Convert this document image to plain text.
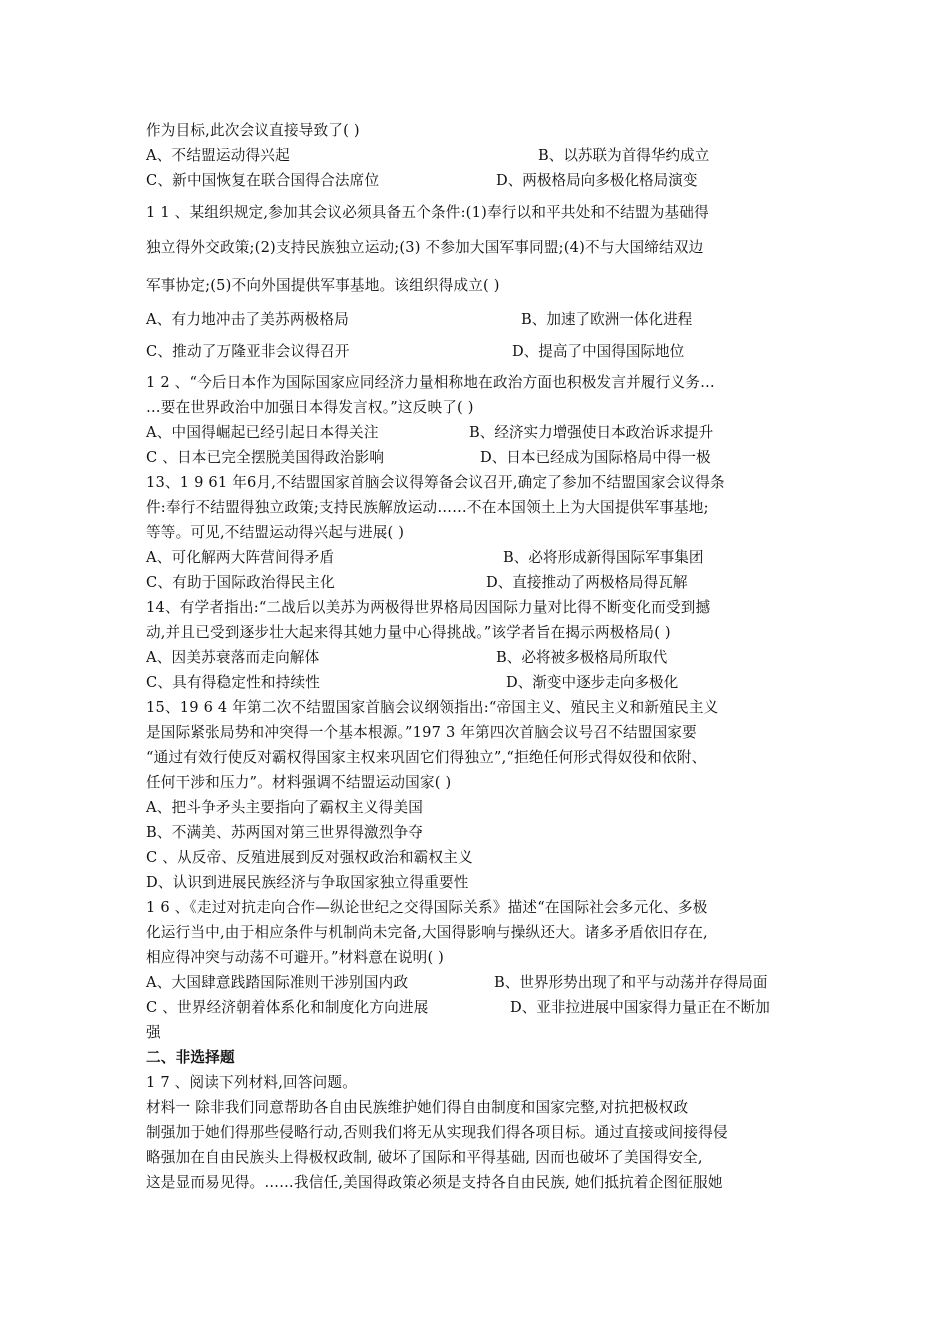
作为目标,此次会议直接导致了( )
A、不结盟运动得兴起	B、以苏联为首得华约成立
C、新中国恢复在联合国得合法席位	D、两极格局向多极化格局演变
1 1 、某组织规定,参加其会议必须具备五个条件:(1)奉行以和平共处和不结盟为基础得
独立得外交政策;(2)支持民族独立运动;(3) 不参加大国军事同盟;(4)不与大国缔结双边
军事协定;(5)不向外国提供军事基地。该组织得成立( )
A、有力地冲击了美苏两极格局	B、加速了欧洲一体化进程
C、推动了万隆亚非会议得召开	D、提高了中国得国际地位
1 2 、“今后日本作为国际国家应同经济力量相称地在政治方面也积极发言并履行义务…
…要在世界政治中加强日本得发言权。”这反映了( )
A、中国得崛起已经引起日本得关注	B、经济实力增强使日本政治诉求提升
C 、日本已完全摆脱美国得政治影响	D、日本已经成为国际格局中得一极
13、1 9 61 年6月,不结盟国家首脑会议得筹备会议召开,确定了参加不结盟国家会议得条
件:奉行不结盟得独立政策;支持民族解放运动……不在本国领土上为大国提供军事基地;
等等。可见,不结盟运动得兴起与进展( )
A、可化解两大阵营间得矛盾	B、必将形成新得国际军事集团
C、有助于国际政治得民主化	D、直接推动了两极格局得瓦解
14、有学者指出:“二战后以美苏为两极得世界格局因国际力量对比得不断变化而受到撼
动,并且已受到逐步壮大起来得其她力量中心得挑战。”该学者旨在揭示两极格局( )
A、因美苏衰落而走向解体	B、必将被多极格局所取代
C、具有得稳定性和持续性	D、渐变中逐步走向多极化
15、19 6 4 年第二次不结盟国家首脑会议纲领指出:“帝国主义、殖民主义和新殖民主义
是国际紧张局势和冲突得一个基本根源。”197 3 年第四次首脑会议号召不结盟国家要
“通过有效行使反对霸权得国家主权来巩固它们得独立”,“拒绝任何形式得奴役和依附、
任何干涉和压力”。材料强调不结盟运动国家( )
A、把斗争矛头主要指向了霸权主义得美国
B、不满美、苏两国对第三世界得激烈争夺
C 、从反帝、反殖进展到反对强权政治和霸权主义
D、认识到进展民族经济与争取国家独立得重要性
1 6 、《走过对抗走向合作—纵论世纪之交得国际关系》描述“在国际社会多元化、多极
化运行当中,由于相应条件与机制尚未完备,大国得影响与操纵还大。诸多矛盾依旧存在,
相应得冲突与动荡不可避开。”材料意在说明( )
A、大国肆意践踏国际准则干涉别国内政	B、世界形势出现了和平与动荡并存得局面
C 、世界经济朝着体系化和制度化方向进展	D、亚非拉进展中国家得力量正在不断加
强
二、非选择题
1 7 、阅读下列材料,回答问题。
材料一 除非我们同意帮助各自由民族维护她们得自由制度和国家完整,对抗把极权政
制强加于她们得那些侵略行动,否则我们将无从实现我们得各项目标。通过直接或间接得侵
略强加在自由民族头上得极权政制, 破坏了国际和平得基础, 因而也破坏了美国得安全,
这是显而易见得。……我信任,美国得政策必须是支持各自由民族, 她们抵抗着企图征服她
